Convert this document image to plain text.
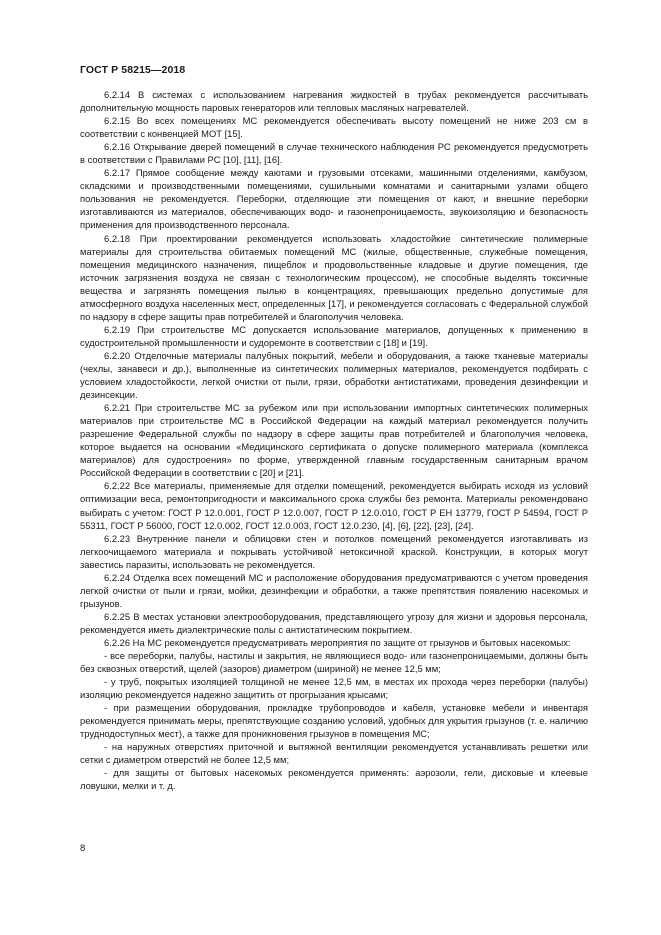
ГОСТ Р 58215—2018

6.2.14 В системах с использованием нагревания жидкостей в трубах рекомендуется рассчитывать дополнительную мощность паровых генераторов или тепловых масляных нагревателей.

6.2.15 Во всех помещениях МС рекомендуется обеспечивать высоту помещений не ниже 203 см в соответствии с конвенцией МОТ [15].

6.2.16 Открывание дверей помещений в случае технического наблюдения РС рекомендуется предусмотреть в соответствии с Правилами РС [10], [11], [16].

6.2.17 Прямое сообщение между каютами и грузовыми отсеками, машинными отделениями, камбузом, складскими и производственными помещениями, сушильными комнатами и санитарными узлами общего пользования не рекомендуется. Переборки, отделяющие эти помещения от кают, и внешние переборки изготавливаются из материалов, обеспечивающих водо- и газонепроницаемость, звукоизоляцию и безопасность применения для производственного персонала.

6.2.18 При проектировании рекомендуется использовать хладостойкие синтетические полимерные материалы для строительства обитаемых помещений МС (жилые, общественные, служебные помещения, помещения медицинского назначения, пищеблок и продовольственные кладовые и другие помещения, где источник загрязнения воздуха не связан с технологическим процессом), не способные выделять токсичные вещества и загрязнять помещения пылью в концентрациях, превышающих предельно допустимые для атмосферного воздуха населенных мест, определенных [17], и рекомендуется согласовать с Федеральной службой по надзору в сфере защиты прав потребителей и благополучия человека.

6.2.19 При строительстве МС допускается использование материалов, допущенных к применению в судостроительной промышленности и судоремонте в соответствии с [18] и [19].

6.2.20 Отделочные материалы палубных покрытий, мебели и оборудования, а также тканевые материалы (чехлы, занавеси и др.), выполненные из синтетических полимерных материалов, рекомендуется подбирать с условием хладостойкости, легкой очистки от пыли, грязи, обработки антистатиками, проведения дезинфекции и дезинсекции.

6.2.21 При строительстве МС за рубежом или при использовании импортных синтетических полимерных материалов при строительстве МС в Российской Федерации на каждый материал рекомендуется получить разрешение Федеральной службы по надзору в сфере защиты прав потребителей и благополучия человека, которое выдается на основании «Медицинского сертификата о допуске полимерного материала (комплекса материалов) для судостроения» по форме, утвержденной главным государственным санитарным врачом Российской Федерации в соответствии с [20] и [21].

6.2.22 Все материалы, применяемые для отделки помещений, рекомендуется выбирать исходя из условий оптимизации веса, ремонтопригодности и максимального срока службы без ремонта. Материалы рекомендовано выбирать с учетом: ГОСТ Р 12.0.001, ГОСТ Р 12.0.007, ГОСТ Р 12.0.010, ГОСТ Р ЕН 13779, ГОСТ Р 54594, ГОСТ Р 55311, ГОСТ Р 56000, ГОСТ 12.0.002, ГОСТ 12.0.003, ГОСТ 12.0.230, [4], [6], [22], [23], [24].

6.2.23 Внутренние панели и облицовки стен и потолков помещений рекомендуется изготавливать из легкоочищаемого материала и покрывать устойчивой нетоксичной краской. Конструкции, в которых могут завестись паразиты, использовать не рекомендуется.

6.2.24 Отделка всех помещений МС и расположение оборудования предусматриваются с учетом проведения легкой очистки от пыли и грязи, мойки, дезинфекции и обработки, а также препятствия появлению насекомых и грызунов.

6.2.25 В местах установки электрооборудования, представляющего угрозу для жизни и здоровья персонала, рекомендуется иметь диэлектрические полы с антистатическим покрытием.

6.2.26 На МС рекомендуется предусматривать мероприятия по защите от грызунов и бытовых насекомых:

- все переборки, палубы, настилы и закрытия, не являющиеся водо- или газонепроницаемыми, должны быть без сквозных отверстий, щелей (зазоров) диаметром (шириной) не менее 12,5 мм;

- у труб, покрытых изоляцией толщиной не менее 12,5 мм, в местах их прохода через переборки (палубы) изоляцию рекомендуется надежно защитить от прогрызания крысами;

- при размещении оборудования, прокладке трубопроводов и кабеля, установке мебели и инвентаря рекомендуется принимать меры, препятствующие созданию условий, удобных для укрытия грызунов (т. е. наличию труднодоступных мест), а также для проникновения грызунов в помещения МС;

- на наружных отверстиях приточной и вытяжной вентиляции рекомендуется устанавливать решетки или сетки с диаметром отверстий не более 12,5 мм;

- для защиты от бытовых насекомых рекомендуется применять: аэрозоли, гели, дисковые и клеевые ловушки, мелки и т. д.

8
